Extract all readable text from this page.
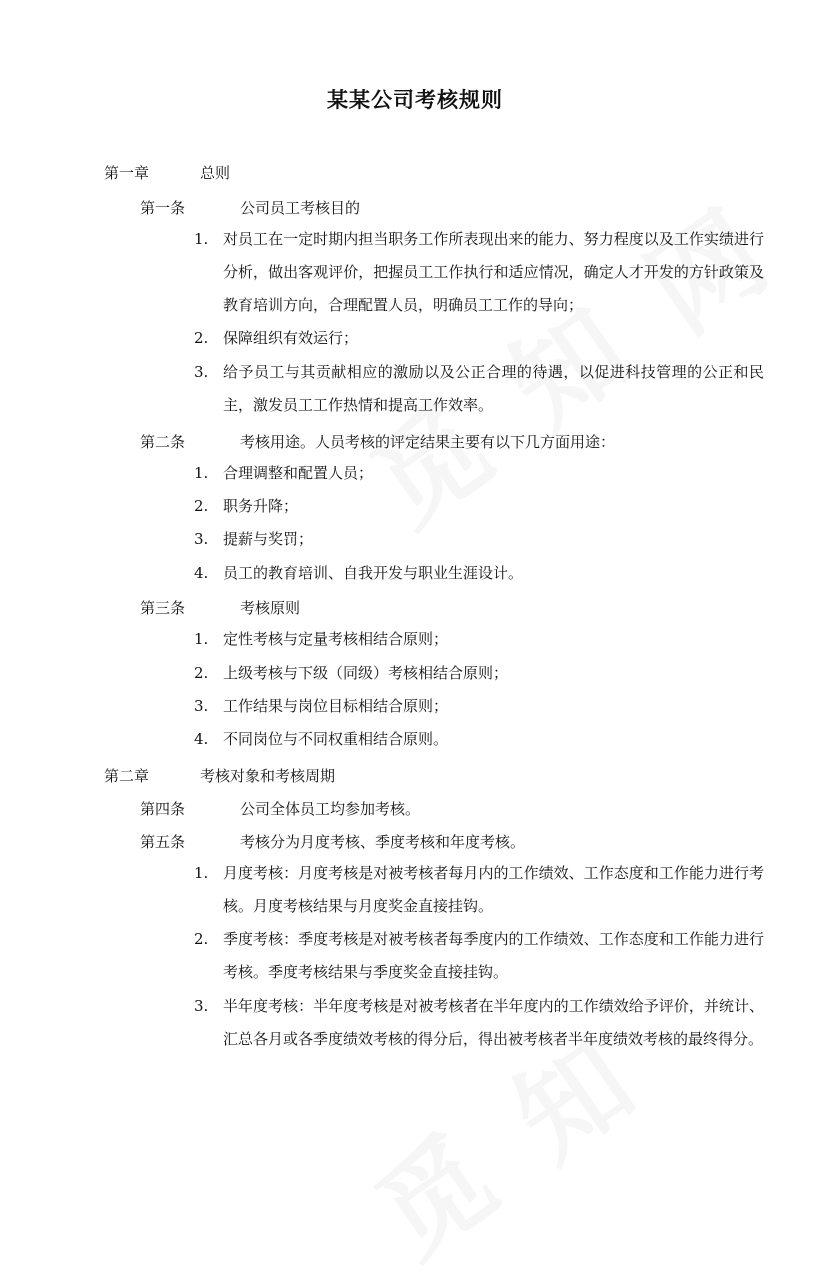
某某公司考核规则
第一章	总则
第一条	公司员工考核目的
1. 对员工在一定时期内担当职务工作所表现出来的能力、努力程度以及工作实绩进行分析，做出客观评价，把握员工工作执行和适应情况，确定人才开发的方针政策及教育培训方向，合理配置人员，明确员工工作的导向；
2. 保障组织有效运行；
3. 给予员工与其贡献相应的激励以及公正合理的待遇，以促进科技管理的公正和民主，激发员工工作热情和提高工作效率。
第二条	考核用途。人员考核的评定结果主要有以下几方面用途：
1. 合理调整和配置人员；
2. 职务升降；
3. 提薪与奖罚；
4. 员工的教育培训、自我开发与职业生涯设计。
第三条	考核原则
1. 定性考核与定量考核相结合原则；
2. 上级考核与下级（同级）考核相结合原则；
3. 工作结果与岗位目标相结合原则；
4. 不同岗位与不同权重相结合原则。
第二章	考核对象和考核周期
第四条	公司全体员工均参加考核。
第五条	考核分为月度考核、季度考核和年度考核。
1. 月度考核：月度考核是对被考核者每月内的工作绩效、工作态度和工作能力进行考核。月度考核结果与月度奖金直接挂钩。
2. 季度考核：季度考核是对被考核者每季度内的工作绩效、工作态度和工作能力进行考核。季度考核结果与季度奖金直接挂钩。
3. 半年度考核：半年度考核是对被考核者在半年度内的工作绩效给予评价，并统计、汇总各月或各季度绩效考核的得分后，得出被考核者半年度绩效考核的最终得分。
